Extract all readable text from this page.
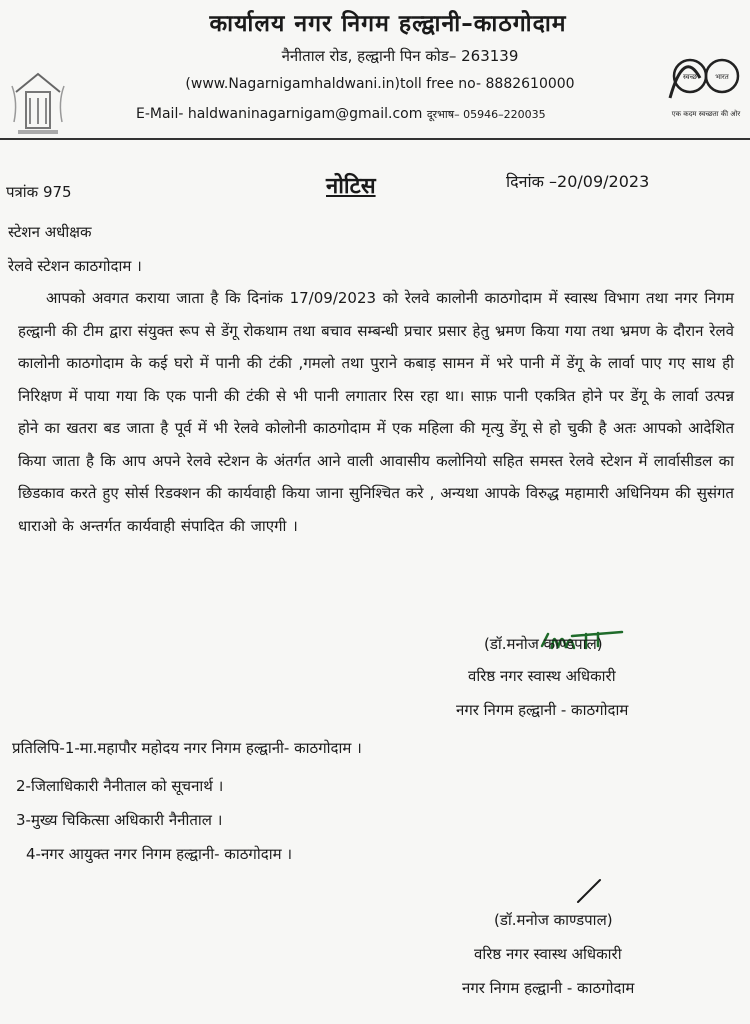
स्वच्छ	भारत
एक कदम स्वच्छता की ओर
कार्यालय नगर निगम हल्द्वानी–काठगोदाम
नैनीताल रोड, हल्द्वानी पिन कोड– 263139
(www.Nagarnigamhaldwani.in)toll free no- 8882610000
E-Mail- haldwaninagarnigam@gmail.com दूरभाष– 05946–220035
पत्रांक 975	नोटिस	दिनांक –20/09/2023
स्टेशन अधीक्षक
रेलवे स्टेशन काठगोदाम ।
आपको अवगत कराया जाता है कि दिनांक 17/09/2023 को रेलवे कालोनी काठगोदाम में स्वास्थ विभाग तथा नगर निगम हल्द्वानी की टीम द्वारा संयुक्त रूप से डेंगू रोकथाम तथा बचाव सम्बन्धी प्रचार प्रसार हेतु भ्रमण किया गया तथा भ्रमण के दौरान रेलवे कालोनी काठगोदाम के कई घरो में पानी की टंकी ,गमलो तथा पुराने कबाड़ सामन में भरे पानी में डेंगू के लार्वा पाए गए साथ ही निरिक्षण में पाया गया कि एक पानी की टंकी से भी पानी लगातार रिस रहा था। साफ़ पानी एकत्रित होने पर डेंगू के लार्वा उत्पन्न होने का खतरा बड जाता है पूर्व में भी रेलवे कोलोनी काठगोदाम में एक महिला की मृत्यु डेंगू से हो चुकी है अतः आपको आदेशित किया जाता है कि आप अपने रेलवे स्टेशन के अंतर्गत आने वाली आवासीय कलोनियो सहित समस्त रेलवे स्टेशन में लार्वासीडल का छिडकाव करते हुए सोर्स रिडक्शन की कार्यवाही किया जाना सुनिश्चित करे , अन्यथा आपके विरुद्ध महामारी अधिनियम की सुसंगत धाराओ के अन्तर्गत कार्यवाही संपादित की जाएगी ।
(डॉ.मनोज काण्डपाल)
वरिष्ठ नगर स्वास्थ अधिकारी
नगर निगम हल्द्वानी - काठगोदाम
प्रतिलिपि-1-मा.महापौर महोदय नगर निगम हल्द्वानी- काठगोदाम ।
2-जिलाधिकारी नैनीताल को सूचनार्थ ।
3-मुख्य चिकित्सा अधिकारी नैनीताल ।
4-नगर आयुक्त नगर निगम हल्द्वानी- काठगोदाम ।
(डॉ.मनोज काण्डपाल)
वरिष्ठ नगर स्वास्थ अधिकारी
नगर निगम हल्द्वानी - काठगोदाम
